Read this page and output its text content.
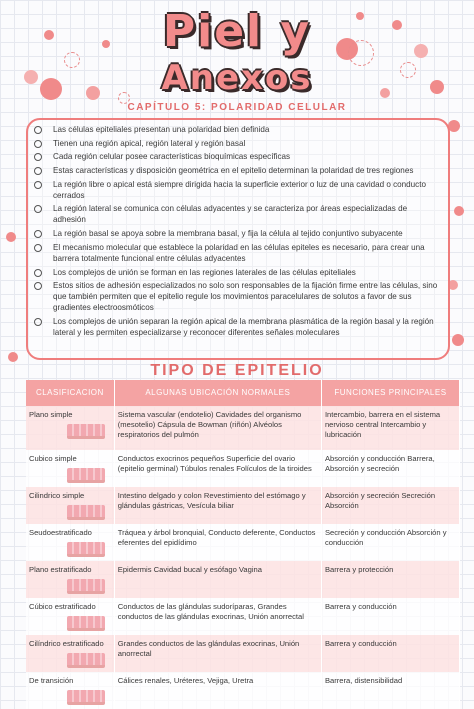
Piel y
Anexos
CAPÍTULO 5: POLARIDAD CELULAR
Las células epiteliales presentan una polaridad bien definida
Tienen una región apical, región lateral y región basal
Cada región celular posee características bioquímicas específicas
Estas características y disposición geométrica en el epitelio determinan la polaridad de tres regiones
La región libre o apical está siempre dirigida hacia la superficie exterior o luz de una cavidad o conducto cerrados
La región lateral se comunica con células adyacentes y se caracteriza por áreas especializadas de adhesión
La región basal se apoya sobre la membrana basal, y fija la célula al tejido conjuntivo subyacente
El mecanismo molecular que establece la polaridad en las células epiteles es necesario, para crear una barrera totalmente funcional entre células adyacentes
Los complejos de unión se forman en las regiones laterales de las células epiteliales
Estos sitios de adhesión especializados no solo son responsables de la fijación firme entre las células, sino que también permiten que el epitelio regule los movimientos paracelulares de solutos a favor de sus gradientes electroosmóticos
Los complejos de unión separan la región apical de la membrana plasmática de la región basal y la región lateral y les permiten especializarse y reconocer diferentes señales moleculares
TIPO DE EPITELIO
CLASIFICACION	ALGUNAS UBICACIÓN NORMALES	FUNCIONES PRINCIPALES
Plano simple	Sistema vascular (endotelio) Cavidades del organismo (mesotelio) Cápsula de Bowman (riñón) Alvéolos respiratorios del pulmón	Intercambio, barrera en el sistema nervioso central Intercambio y lubricación
Cubico simple	Conductos exocrinos pequeños Superficie del ovario (epitelio germinal) Túbulos renales Folículos de la tiroides	Absorción y conducción Barrera, Absorción y secreción
Cilindrico simple	Intestino delgado y colon Revestimiento del estómago y glándulas gástricas, Vesícula biliar	Absorción y secreción Secreción Absorción
Seudoestratificado	Tráquea y árbol bronquial, Conducto deferente, Conductos eferentes del epidídimo	Secreción y conducción Absorción y conducción
Plano estratificado	Epidermis Cavidad bucal y esófago Vagina	Barrera y protección
Cúbico estratificado	Conductos de las glándulas sudoríparas, Grandes conductos de las glándulas exocrinas, Unión anorrectal	Barrera y conducción
Cilíndrico estratificado	Grandes conductos de las glándulas exocrinas, Unión anorrectal	Barrera y conducción
De transición	Cálices renales, Uréteres, Vejiga, Uretra	Barrera, distensibilidad
